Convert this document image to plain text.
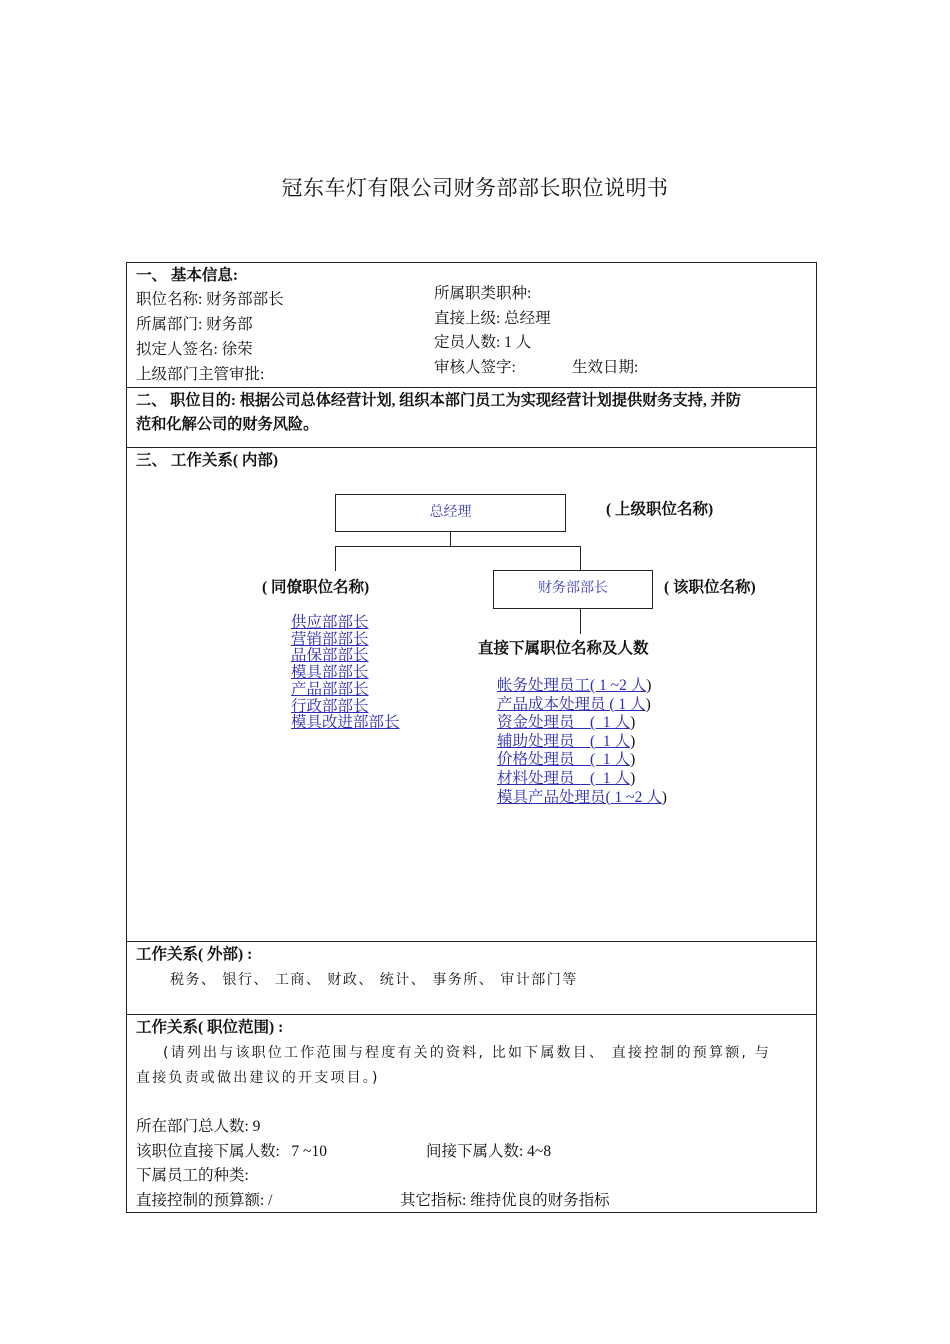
冠东车灯有限公司财务部部长职位说明书
一、 基本信息:
职位名称: 财务部部长
所属部门: 财务部
拟定人签名: 徐荣
上级部门主管审批:
所属职类职种:
直接上级: 总经理
定员人数: 1 人
审核人签字:	生效日期:
二、 职位目的: 根据公司总体经营计划, 组织本部门员工为实现经营计划提供财务支持, 并防
范和化解公司的财务风险。
三、 工作关系( 内部)
总经理	( 上级职位名称)
财务部部长	( 该职位名称)
( 同僚职位名称)
直接下属职位名称及人数
供应部部长
营销部部长
品保部部长
模具部部长
产品部部长
行政部部长
模具改进部部长
帐务处理员工( 1 ~2 人)
产品成本处理员 ( 1 人)
资金处理员    (  1 人)
辅助处理员    (  1 人)
价格处理员    (  1 人)
材料处理员    (  1 人)
模具产品处理员( 1 ~2 人)
工作关系( 外部) :
税务、 银行、 工商、 财政、 统计、 事务所、 审计部门等
工作关系( 职位范围) :
(请列出与该职位工作范围与程度有关的资料, 比如下属数目、 直接控制的预算额, 与
直接负责或做出建议的开支项目。)
所在部门总人数: 9
该职位直接下属人数:   7 ~10	间接下属人数: 4~8
下属员工的种类:
直接控制的预算额: /	其它指标: 维持优良的财务指标
